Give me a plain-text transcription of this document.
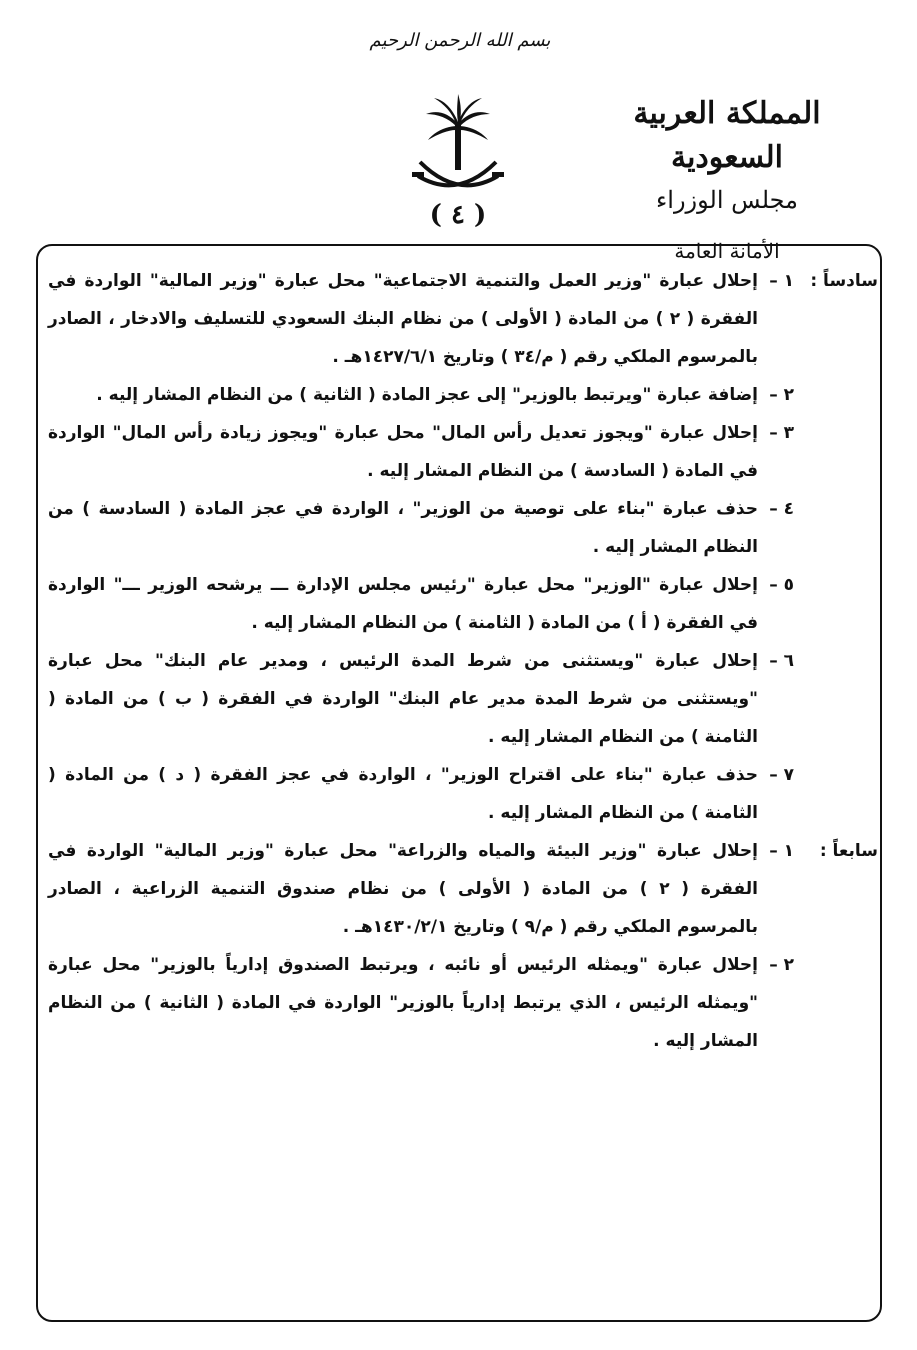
بسم الله الرحمن الرحيم
المملكة العربية السعودية
مجلس الوزراء
الأمانة العامة
( ٤ )
سادساً :
١ –
إحلال عبارة "وزير العمل والتنمية الاجتماعية" محل عبارة "وزير المالية" الواردة في الفقرة ( ٢ ) من المادة ( الأولى ) من نظام البنك السعودي للتسليف والادخار ، الصادر بالمرسوم الملكي رقم ( م/٣٤ ) وتاريخ ١٤٢٧/٦/١هـ .
٢ –
إضافة عبارة "ويرتبط بالوزير" إلى عجز المادة ( الثانية ) من النظام المشار إليه .
٣ –
إحلال عبارة "ويجوز تعديل رأس المال" محل عبارة "ويجوز زيادة رأس المال" الواردة في المادة ( السادسة ) من النظام المشار إليه .
٤ –
حذف عبارة "بناء على توصية من الوزير" ، الواردة في عجز المادة ( السادسة ) من النظام المشار إليه .
٥ –
إحلال عبارة "الوزير" محل عبارة "رئيس مجلس الإدارة ـــ يرشحه الوزير ـــ" الواردة في الفقرة ( أ ) من المادة ( الثامنة ) من النظام المشار إليه .
٦ –
إحلال عبارة "ويستثنى من شرط المدة الرئيس ، ومدير عام البنك" محل عبارة "ويستثنى من شرط المدة مدير عام البنك" الواردة في الفقرة ( ب ) من المادة ( الثامنة ) من النظام المشار إليه .
٧ –
حذف عبارة "بناء على اقتراح الوزير" ، الواردة في عجز الفقرة ( د ) من المادة ( الثامنة ) من النظام المشار إليه .
سابعاً :
١ –
إحلال عبارة "وزير البيئة والمياه والزراعة" محل عبارة "وزير المالية" الواردة في الفقرة ( ٢ ) من المادة ( الأولى ) من نظام صندوق التنمية الزراعية ، الصادر بالمرسوم الملكي رقم ( م/٩ ) وتاريخ ١٤٣٠/٢/١هـ .
٢ –
إحلال عبارة "ويمثله الرئيس أو نائبه ، ويرتبط الصندوق إدارياً بالوزير" محل عبارة "ويمثله الرئيس ، الذي يرتبط إدارياً بالوزير" الواردة في المادة ( الثانية ) من النظام المشار إليه .
